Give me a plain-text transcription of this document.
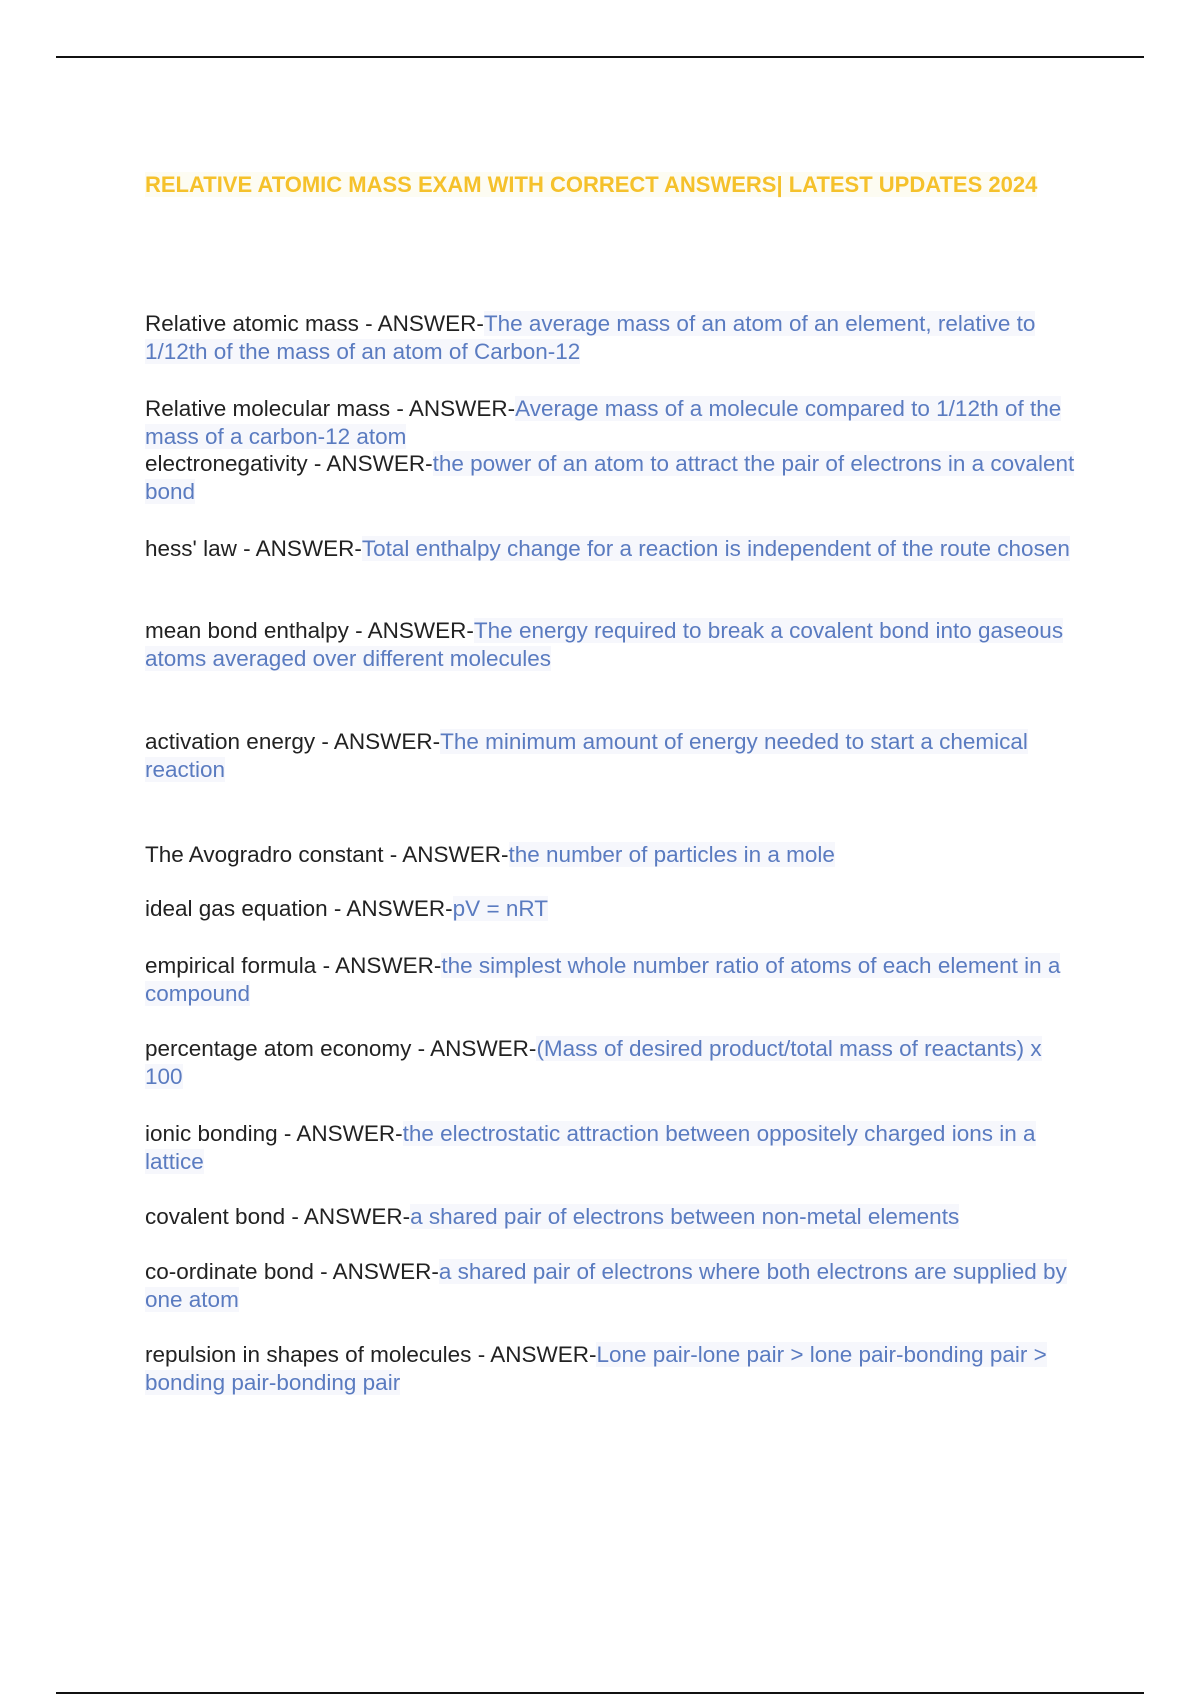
RELATIVE ATOMIC MASS EXAM WITH CORRECT ANSWERS| LATEST UPDATES 2024

Relative atomic mass - ANSWER-The average mass of an atom of an element, relative to 1/12th of the mass of an atom of Carbon-12

Relative molecular mass - ANSWER-Average mass of a molecule compared to 1/12th of the mass of a carbon-12 atom

electronegativity - ANSWER-the power of an atom to attract the pair of electrons in a covalent bond

hess' law - ANSWER-Total enthalpy change for a reaction is independent of the route chosen

mean bond enthalpy - ANSWER-The energy required to break a covalent bond into gaseous atoms averaged over different molecules

activation energy - ANSWER-The minimum amount of energy needed to start a chemical reaction

The Avogradro constant - ANSWER-the number of particles in a mole

ideal gas equation - ANSWER-pV = nRT

empirical formula - ANSWER-the simplest whole number ratio of atoms of each element in a compound

percentage atom economy - ANSWER-(Mass of desired product/total mass of reactants) x 100

ionic bonding - ANSWER-the electrostatic attraction between oppositely charged ions in a lattice

covalent bond - ANSWER-a shared pair of electrons between non-metal elements

co-ordinate bond - ANSWER-a shared pair of electrons where both electrons are supplied by one atom

repulsion in shapes of molecules - ANSWER-Lone pair-lone pair > lone pair-bonding pair > bonding pair-bonding pair
